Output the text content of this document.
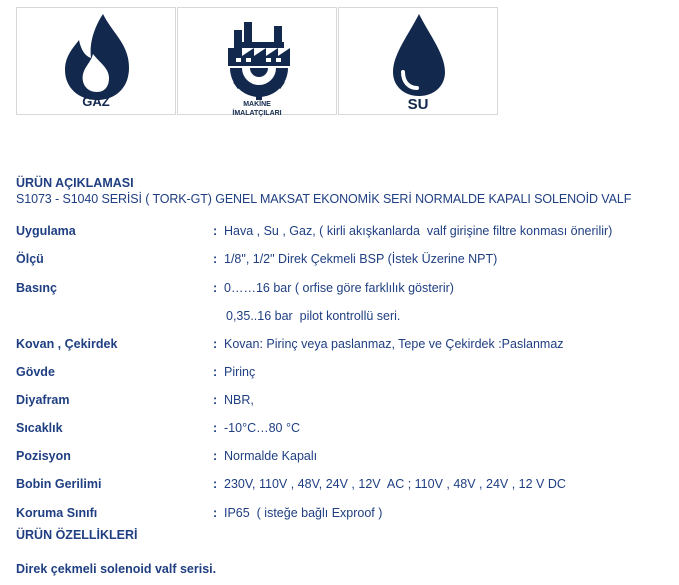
GAZ	MAKİNE
İMALATÇILARI
SU
ÜRÜN AÇIKLAMASI
S1073 - S1040 SERİSİ ( TORK-GT) GENEL MAKSAT EKONOMİK SERİ NORMALDE KAPALI SOLENOİD VALF
Uygulama	: Hava , Su , Gaz, ( kirli akışkanlarda  valf girişine filtre konması önerilir)
Ölçü	: 1/8", 1/2" Direk Çekmeli BSP (İstek Üzerine NPT)
Basınç	: 0……16 bar ( orfise göre farklılık gösterir)
0,35..16 bar  pilot kontrollü seri.
Kovan , Çekirdek	: Kovan: Pirinç veya paslanmaz, Tepe ve Çekirdek :Paslanmaz
Gövde	: Pirinç
Diyafram	: NBR,
Sıcaklık	: -10°C…80 °C
Pozisyon	: Normalde Kapalı
Bobin Gerilimi	: 230V, 110V , 48V, 24V , 12V  AC ; 110V , 48V , 24V , 12 V DC
Koruma Sınıfı	: IP65  ( isteğe bağlı Exproof )
ÜRÜN ÖZELLİKLERİ
Direk çekmeli solenoid valf serisi.
